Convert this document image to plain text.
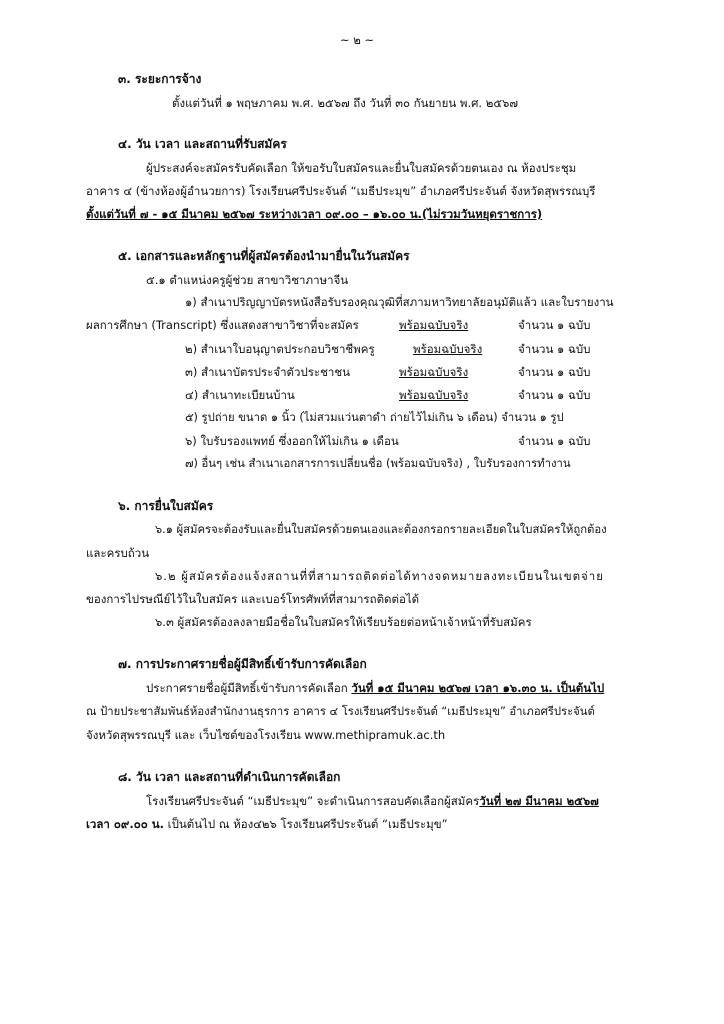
~ ๒ ~
๓. ระยะการจ้าง
ตั้งแต่วันที่ ๑ พฤษภาคม พ.ศ. ๒๕๖๗ ถึง วันที่ ๓๐ กันยายน พ.ศ. ๒๕๖๗
๔. วัน เวลา และสถานที่รับสมัคร
ผู้ประสงค์จะสมัครรับคัดเลือก ให้ขอรับใบสมัครและยื่นใบสมัครด้วยตนเอง ณ ห้องประชุม
อาคาร ๔ (ข้างห้องผู้อำนวยการ) โรงเรียนศรีประจันต์ “เมธีประมุข” อำเภอศรีประจันต์ จังหวัดสุพรรณบุรี
ตั้งแต่วันที่ ๗ - ๑๕ มีนาคม ๒๕๖๗ ระหว่างเวลา ๐๙.๐๐ – ๑๖.๐๐ น.(ไม่รวมวันหยุดราชการ)
๕. เอกสารและหลักฐานที่ผู้สมัครต้องนำมายื่นในวันสมัคร
๕.๑ ตำแหน่งครูผู้ช่วย สาขาวิชาภาษาจีน
๑) สำเนาปริญญาบัตรหนังสือรับรองคุณวุฒิที่สภามหาวิทยาลัยอนุมัติแล้ว และใบรายงาน
ผลการศึกษา (Transcript) ซึ่งแสดงสาขาวิชาที่จะสมัคร	พร้อมฉบับจริง	จำนวน ๑ ฉบับ
๒) สำเนาใบอนุญาตประกอบวิชาชีพครู	พร้อมฉบับจริง	จำนวน ๑ ฉบับ
๓) สำเนาบัตรประจำตัวประชาชน	พร้อมฉบับจริง	จำนวน ๑ ฉบับ
๔) สำเนาทะเบียนบ้าน	พร้อมฉบับจริง	จำนวน ๑ ฉบับ
๕) รูปถ่าย ขนาด ๑ นิ้ว (ไม่สวมแว่นตาดำ ถ่ายไว้ไม่เกิน ๖ เดือน) จำนวน ๑ รูป
๖) ใบรับรองแพทย์ ซึ่งออกให้ไม่เกิน ๑ เดือน	จำนวน ๑ ฉบับ
๗) อื่นๆ เช่น สำเนาเอกสารการเปลี่ยนชื่อ (พร้อมฉบับจริง) , ใบรับรองการทำงาน
๖. การยื่นใบสมัคร
๖.๑ ผู้สมัครจะต้องรับและยื่นใบสมัครด้วยตนเองและต้องกรอกรายละเอียดในใบสมัครให้ถูกต้อง
และครบถ้วน
๖.๒ ผู้สมัครต้องแจ้งสถานที่ที่สามารถติดต่อได้ทางจดหมายลงทะเบียนในเขตจ่าย
ของการไปรษณีย์ไว้ในใบสมัคร และเบอร์โทรศัพท์ที่สามารถติดต่อได้
๖.๓ ผู้สมัครต้องลงลายมือชื่อในใบสมัครให้เรียบร้อยต่อหน้าเจ้าหน้าที่รับสมัคร
๗. การประกาศรายชื่อผู้มีสิทธิ์เข้ารับการคัดเลือก
ประกาศรายชื่อผู้มีสิทธิ์เข้ารับการคัดเลือก วันที่ ๑๕ มีนาคม ๒๕๖๗ เวลา ๑๖.๓๐ น. เป็นต้นไป
ณ ป้ายประชาสัมพันธ์ห้องสำนักงานธุรการ อาคาร ๔ โรงเรียนศรีประจันต์ “เมธีประมุข” อำเภอศรีประจันต์
จังหวัดสุพรรณบุรี และ เว็บไซต์ของโรงเรียน www.methipramuk.ac.th
๘. วัน เวลา และสถานที่ดำเนินการคัดเลือก
โรงเรียนศรีประจันต์ “เมธีประมุข” จะดำเนินการสอบคัดเลือกผู้สมัครวันที่ ๒๗ มีนาคม ๒๕๖๗
เวลา ๐๙.๐๐ น. เป็นต้นไป ณ ห้อง๔๒๖ โรงเรียนศรีประจันต์ “เมธีประมุข”
